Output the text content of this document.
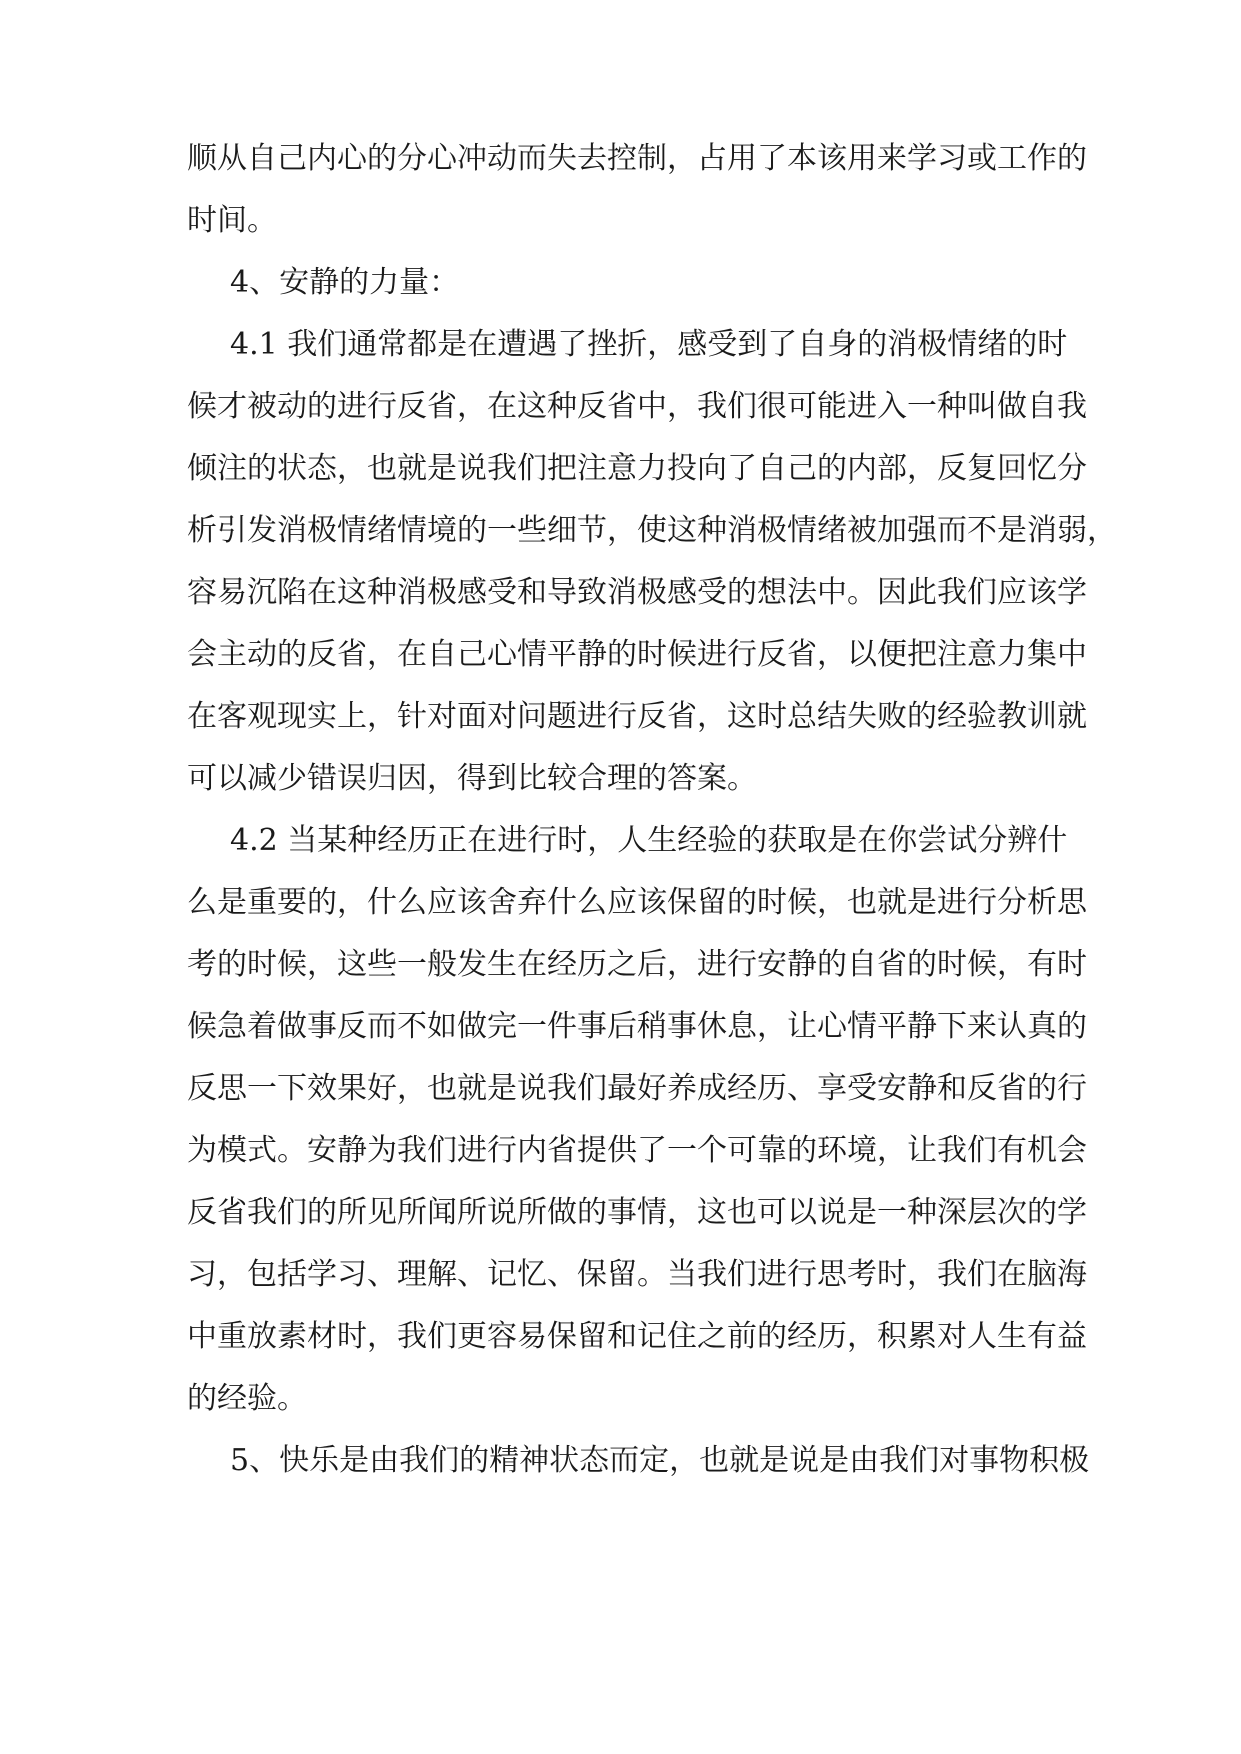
顺从自己内心的分心冲动而失去控制，占用了本该用来学习或工作的
时间。
4、安静的力量：
4.1 我们通常都是在遭遇了挫折，感受到了自身的消极情绪的时
候才被动的进行反省，在这种反省中，我们很可能进入一种叫做自我
倾注的状态，也就是说我们把注意力投向了自己的内部，反复回忆分
析引发消极情绪情境的一些细节，使这种消极情绪被加强而不是消弱，
容易沉陷在这种消极感受和导致消极感受的想法中。因此我们应该学
会主动的反省，在自己心情平静的时候进行反省，以便把注意力集中
在客观现实上，针对面对问题进行反省，这时总结失败的经验教训就
可以减少错误归因，得到比较合理的答案。
4.2 当某种经历正在进行时，人生经验的获取是在你尝试分辨什
么是重要的，什么应该舍弃什么应该保留的时候，也就是进行分析思
考的时候，这些一般发生在经历之后，进行安静的自省的时候，有时
候急着做事反而不如做完一件事后稍事休息，让心情平静下来认真的
反思一下效果好，也就是说我们最好养成经历、享受安静和反省的行
为模式。安静为我们进行内省提供了一个可靠的环境，让我们有机会
反省我们的所见所闻所说所做的事情，这也可以说是一种深层次的学
习，包括学习、理解、记忆、保留。当我们进行思考时，我们在脑海
中重放素材时，我们更容易保留和记住之前的经历，积累对人生有益
的经验。
5、快乐是由我们的精神状态而定，也就是说是由我们对事物积极
